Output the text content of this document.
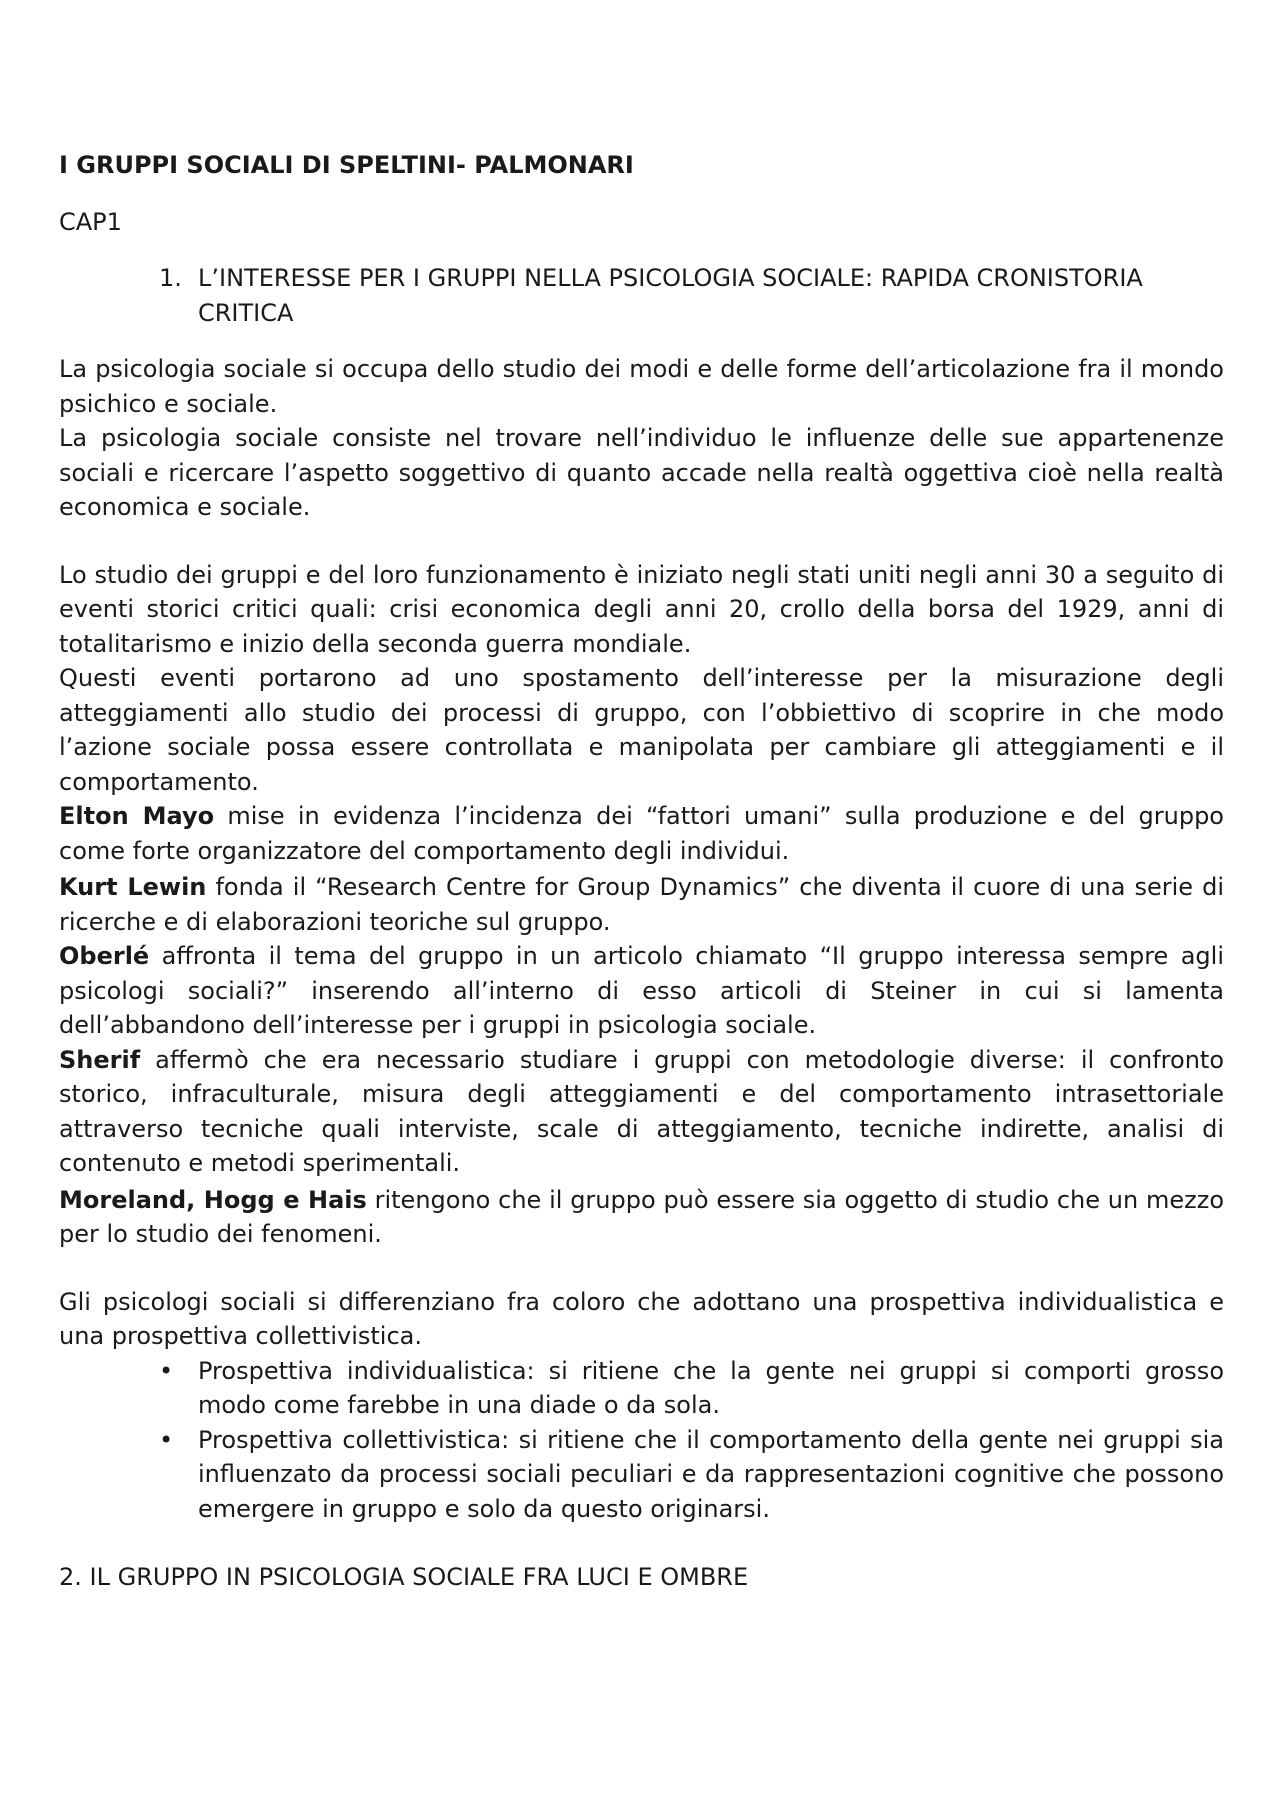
I GRUPPI SOCIALI DI SPELTINI- PALMONARI

CAP1

1. L’INTERESSE PER I GRUPPI NELLA PSICOLOGIA SOCIALE: RAPIDA CRONISTORIA CRITICA

La psicologia sociale si occupa dello studio dei modi e delle forme dell’articolazione fra il mondo psichico e sociale.

La psicologia sociale consiste nel trovare nell’individuo le influenze delle sue appartenenze sociali e ricercare l’aspetto soggettivo di quanto accade nella realtà oggettiva cioè nella realtà economica e sociale.

Lo studio dei gruppi e del loro funzionamento è iniziato negli stati uniti negli anni 30 a seguito di eventi storici critici quali: crisi economica degli anni 20, crollo della borsa del 1929, anni di totalitarismo e inizio della seconda guerra mondiale.

Questi eventi portarono ad uno spostamento dell’interesse per la misurazione degli atteggiamenti allo studio dei processi di gruppo, con l’obbiettivo di scoprire in che modo l’azione sociale possa essere controllata e manipolata per cambiare gli atteggiamenti e il comportamento.

Elton Mayo mise in evidenza l’incidenza dei “fattori umani” sulla produzione e del gruppo come forte organizzatore del comportamento degli individui.

Kurt Lewin fonda il “Research Centre for Group Dynamics” che diventa il cuore di una serie di ricerche e di elaborazioni teoriche sul gruppo.

Oberlé affronta il tema del gruppo in un articolo chiamato “Il gruppo interessa sempre agli psicologi sociali?” inserendo all’interno di esso articoli di Steiner in cui si lamenta dell’abbandono dell’interesse per i gruppi in psicologia sociale.

Sherif affermò che era necessario studiare i gruppi con metodologie diverse: il confronto storico, infraculturale, misura degli atteggiamenti e del comportamento intrasettoriale attraverso tecniche quali interviste, scale di atteggiamento, tecniche indirette, analisi di contenuto e metodi sperimentali.

Moreland, Hogg e Hais ritengono che il gruppo può essere sia oggetto di studio che un mezzo per lo studio dei fenomeni.

Gli psicologi sociali si differenziano fra coloro che adottano una prospettiva individualistica e una prospettiva collettivistica.

•	Prospettiva individualistica: si ritiene che la gente nei gruppi si comporti grosso modo come farebbe in una diade o da sola.
•	Prospettiva collettivistica: si ritiene che il comportamento della gente nei gruppi sia influenzato da processi sociali peculiari e da rappresentazioni cognitive che possono emergere in gruppo e solo da questo originarsi.

2. IL GRUPPO IN PSICOLOGIA SOCIALE FRA LUCI E OMBRE
